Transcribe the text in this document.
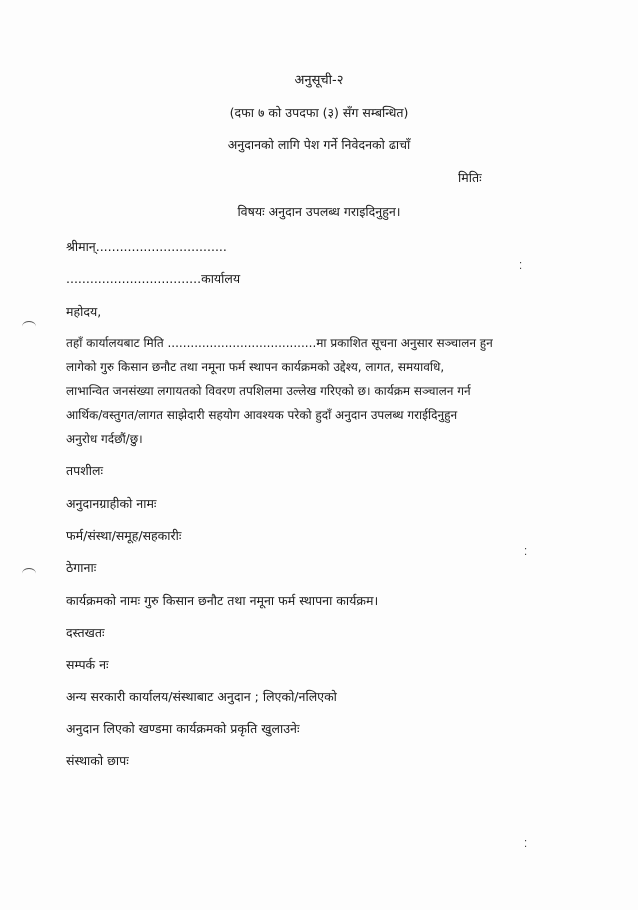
अनुसूची-२
(दफा ७ को उपदफा (३) सँग सम्बन्धित)
अनुदानको लागि पेश गर्ने निवेदनको ढाचाँ
मितिः
विषयः अनुदान उपलब्ध गराइदिनुहुन।
श्रीमान्.................................
..................................कार्यालय
महोदय,
तहाँ कार्यालयबाट मिति .......................................मा प्रकाशित सूचना अनुसार सञ्चालन हुन
लागेको गुरु किसान छनौट तथा नमूना फर्म स्थापन कार्यक्रमको उद्देश्य, लागत, समयावधि,
लाभान्वित जनसंख्या लगायतको विवरण तपशिलमा उल्लेख गरिएको छ। कार्यक्रम सञ्चालन गर्न
आर्थिक/वस्तुगत/लागत साझेदारी सहयोग आवश्यक परेको हुदाँ अनुदान उपलब्ध गराईदिनुहुन
अनुरोध गर्दछौं/छु।
तपशीलः
अनुदानग्राहीको नामः
फर्म/संस्था/समूह/सहकारीः
ठेगानाः
कार्यक्रमको नामः गुरु किसान छनौट तथा नमूना फर्म स्थापना कार्यक्रम।
दस्तखतः
सम्पर्क नः
अन्य सरकारी कार्यालय/संस्थाबाट अनुदान ; लिएको/नलिएको
अनुदान लिएको खण्डमा कार्यक्रमको प्रकृति खुलाउनेः
संस्थाको छापः
⁚
⁚
⁚
